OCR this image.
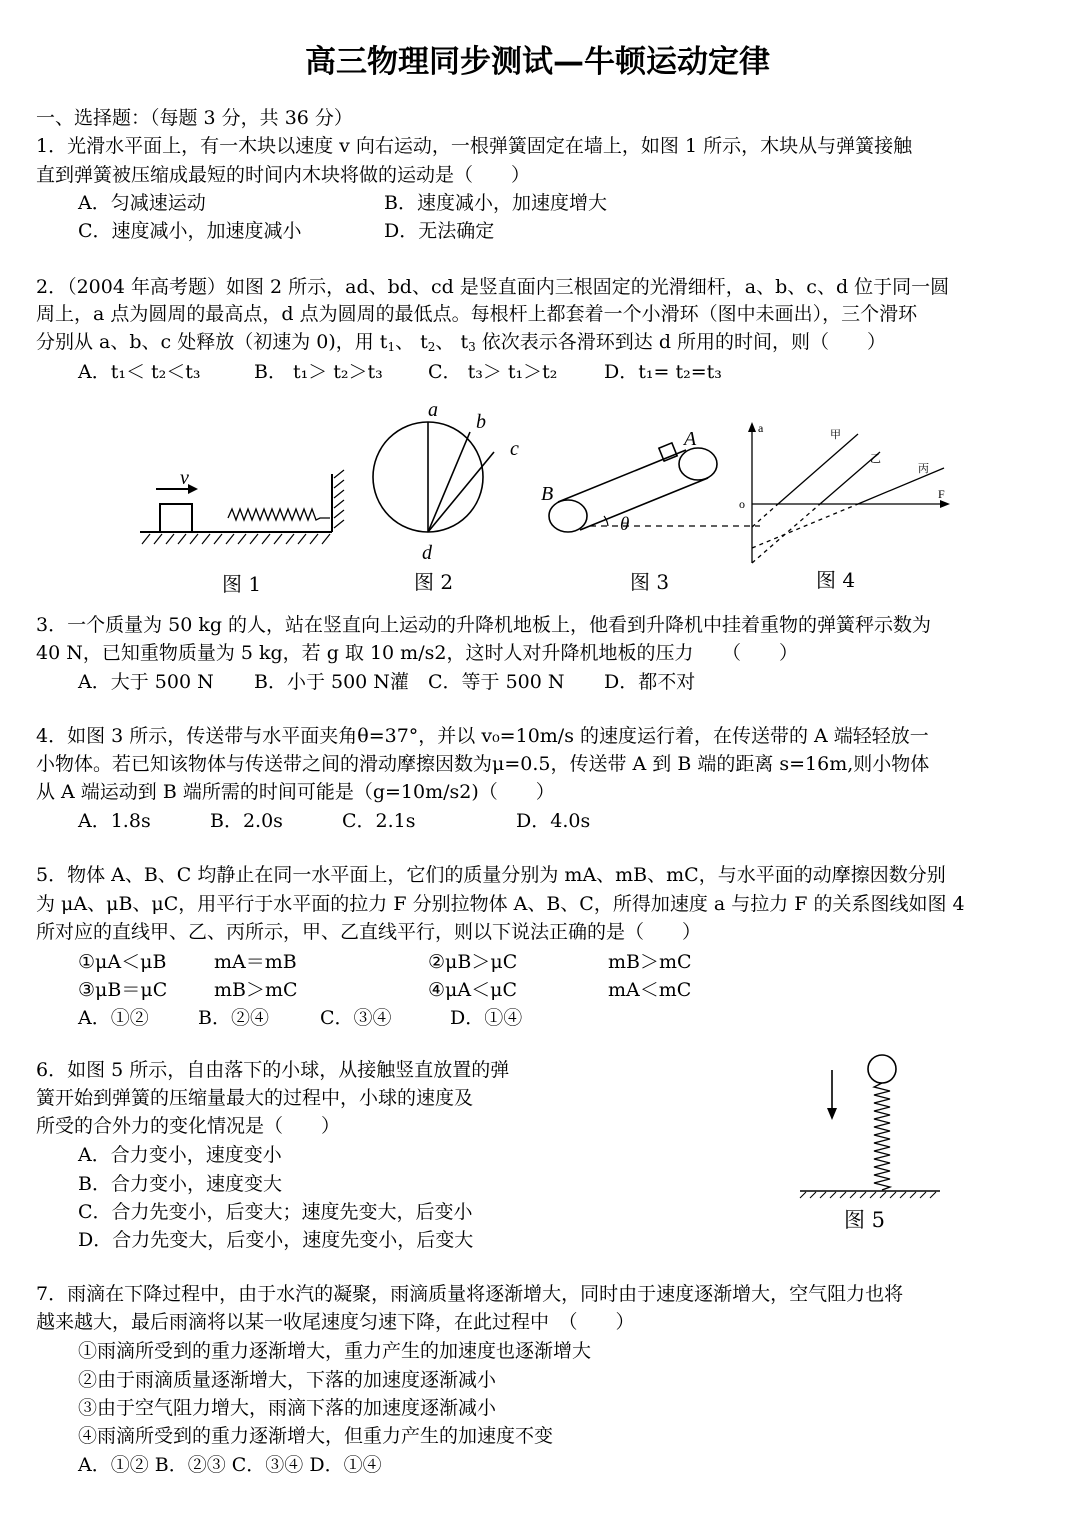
高三物理同步测试—牛顿运动定律
一、选择题：（每题 3 分，共 36 分）
1．光滑水平面上，有一木块以速度 v 向右运动，一根弹簧固定在墙上，如图 1 所示，木块从与弹簧接触
直到弹簧被压缩成最短的时间内木块将做的运动是（　　）
A．匀减速运动	B．速度减小，加速度增大
C．速度减小，加速度减小	D．无法确定
2．（2004 年高考题）如图 2 所示，ad、bd、cd 是竖直面内三根固定的光滑细杆，a、b、c、d 位于同一圆
周上，a 点为圆周的最高点，d 点为圆周的最低点。每根杆上都套着一个小滑环（图中未画出），三个滑环
分别从 a、b、c 处释放（初速为 0)，用 $t_1$、 $t_2$、 $t_3$ 依次表示各滑环到达 d 所用的时间，则（　　）
A．t₁＜ t₂＜t₃	B． t₁＞ t₂＞t₃ C． t₃＞ t₁＞t₂ D．t₁= t₂=t₃
v
a
b
c
d
B
A
θ
a
o
F
甲
乙
丙
图 1	图 2	图 3	图 4
3．一个质量为 50 kg 的人，站在竖直向上运动的升降机地板上，他看到升降机中挂着重物的弹簧秤示数为
40 N，已知重物质量为 5 kg，若 g 取 10 m/s2，这时人对升降机地板的压力　　（　　）
A．大于 500 N B．小于 500 N灌 C．等于 500 N D．都不对
4．如图 3 所示，传送带与水平面夹角θ=37°，并以 v₀=10m/s 的速度运行着，在传送带的 A 端轻轻放一
小物体。若已知该物体与传送带之间的滑动摩擦因数为μ=0.5，传送带 A 到 B 端的距离 s=16m,则小物体
从 A 端运动到 B 端所需的时间可能是（g=10m/s2)（　　）
A．1.8s	B．2.0s	C．2.1s	D．4.0s
5．物体 A、B、C 均静止在同一水平面上，它们的质量分别为 mA、mB、mC，与水平面的动摩擦因数分别
为 μA、μB、μC，用平行于水平面的拉力 F 分别拉物体 A、B、C，所得加速度 a 与拉力 F 的关系图线如图 4
所对应的直线甲、乙、丙所示，甲、乙直线平行，则以下说法正确的是（　　）
①μA＜μB	mA＝mB	②μB＞μC	mB＞mC
③μB＝μC mB＞mC	④μA＜μC	mA＜mC
A．①②	B．②④	C．③④	D．①④
6．如图 5 所示，自由落下的小球，从接触竖直放置的弹
簧开始到弹簧的压缩量最大的过程中，小球的速度及
所受的合外力的变化情况是（　　）
A．合力变小，速度变小
B．合力变小，速度变大
C．合力先变小，后变大；速度先变大，后变小
D．合力先变大，后变小，速度先变小，后变大
图 5
7．雨滴在下降过程中，由于水汽的凝聚，雨滴质量将逐渐增大，同时由于速度逐渐增大，空气阻力也将
越来越大，最后雨滴将以某一收尾速度匀速下降，在此过程中　（　　）
①雨滴所受到的重力逐渐增大，重力产生的加速度也逐渐增大
②由于雨滴质量逐渐增大，下落的加速度逐渐减小
③由于空气阻力增大，雨滴下落的加速度逐渐减小
④雨滴所受到的重力逐渐增大，但重力产生的加速度不变
A．①② B．②③ C．③④ D．①④
